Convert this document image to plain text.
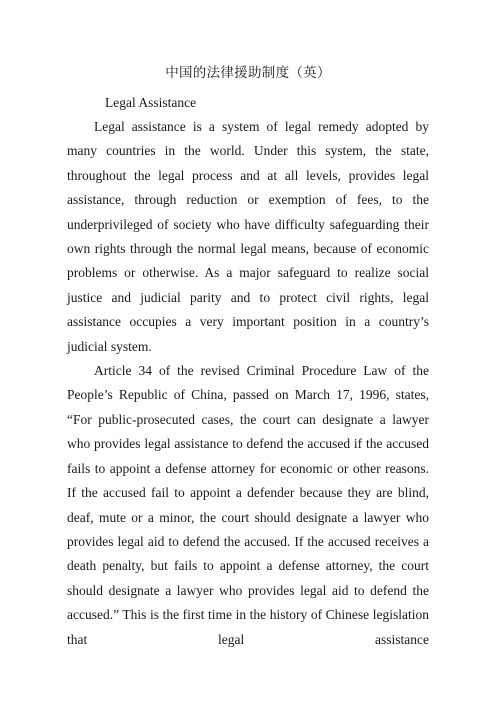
中国的法律援助制度（英）
Legal Assistance

Legal assistance is a system of legal remedy adopted by many countries in the world. Under this system, the state, throughout the legal process and at all levels, provides legal assistance, through reduction or exemption of fees, to the underprivileged of society who have difficulty safeguarding their own rights through the normal legal means, because of economic problems or otherwise. As a major safeguard to realize social justice and judicial parity and to protect civil rights, legal assistance occupies a very important position in a country’s judicial system.

Article 34 of the revised Criminal Procedure Law of the People’s Republic of China, passed on March 17, 1996, states, “For public-prosecuted cases, the court can designate a lawyer who provides legal assistance to defend the accused if the accused fails to appoint a defense attorney for economic or other reasons. If the accused fail to appoint a defender because they are blind, deaf, mute or a minor, the court should designate a lawyer who provides legal aid to defend the accused. If the accused receives a death penalty, but fails to appoint a defense attorney, the court should designate a lawyer who provides legal aid to defend the accused.” This is the first time in the history of Chinese legislation that legal assistance
